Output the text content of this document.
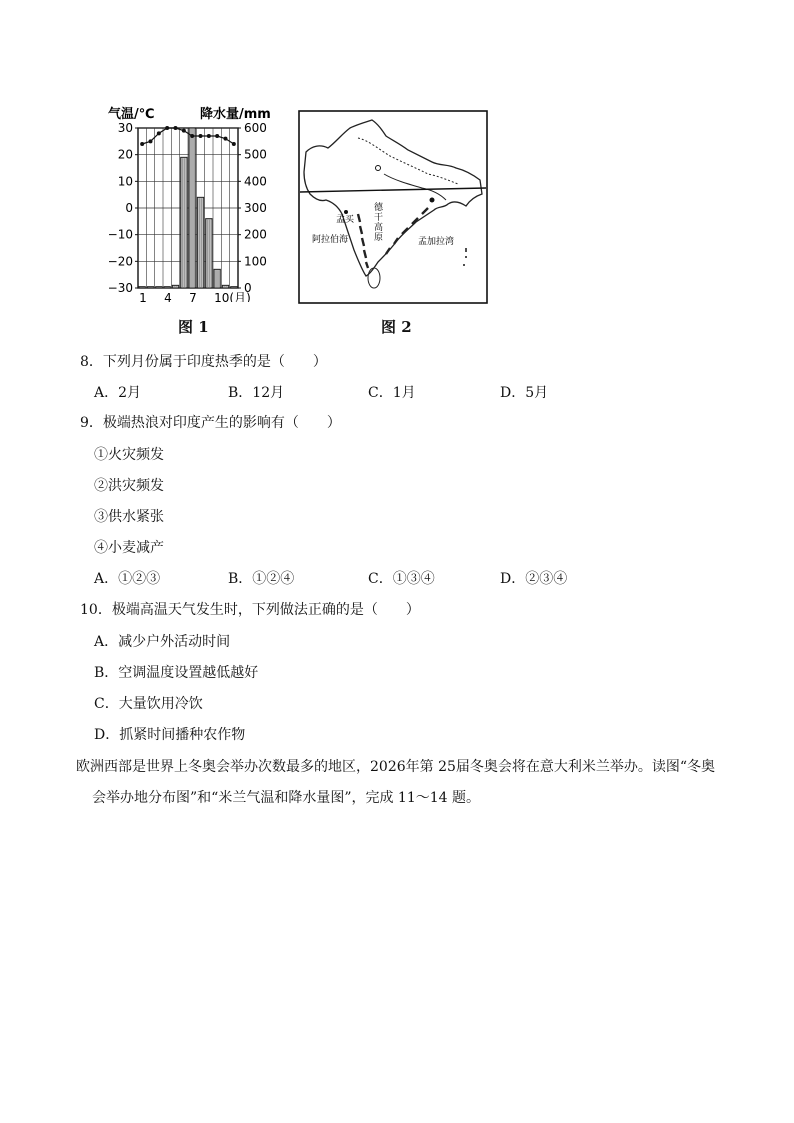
气温/℃	降水量/mm
30	600
20	500
10	400
0	300
−10	200
−20	100
−30	0
1 4 7 10(月)
图 1
孟买
阿拉伯海	孟加拉湾
德干高原
图 2
8．下列月份属于印度热季的是（　　）
A．2月	B．12月	C．1月	D．5月
9．极端热浪对印度产生的影响有（　　）
①火灾频发
②洪灾频发
③供水紧张
④小麦减产
A．①②③	B．①②④	C．①③④	D．②③④
10．极端高温天气发生时，下列做法正确的是（　　）
A．减少户外活动时间
B．空调温度设置越低越好
C．大量饮用冷饮
D．抓紧时间播种农作物
欧洲西部是世界上冬奥会举办次数最多的地区，2026年第 25届冬奥会将在意大利米兰举办。读图“冬奥
会举办地分布图”和“米兰气温和降水量图”，完成 11～14 题。
